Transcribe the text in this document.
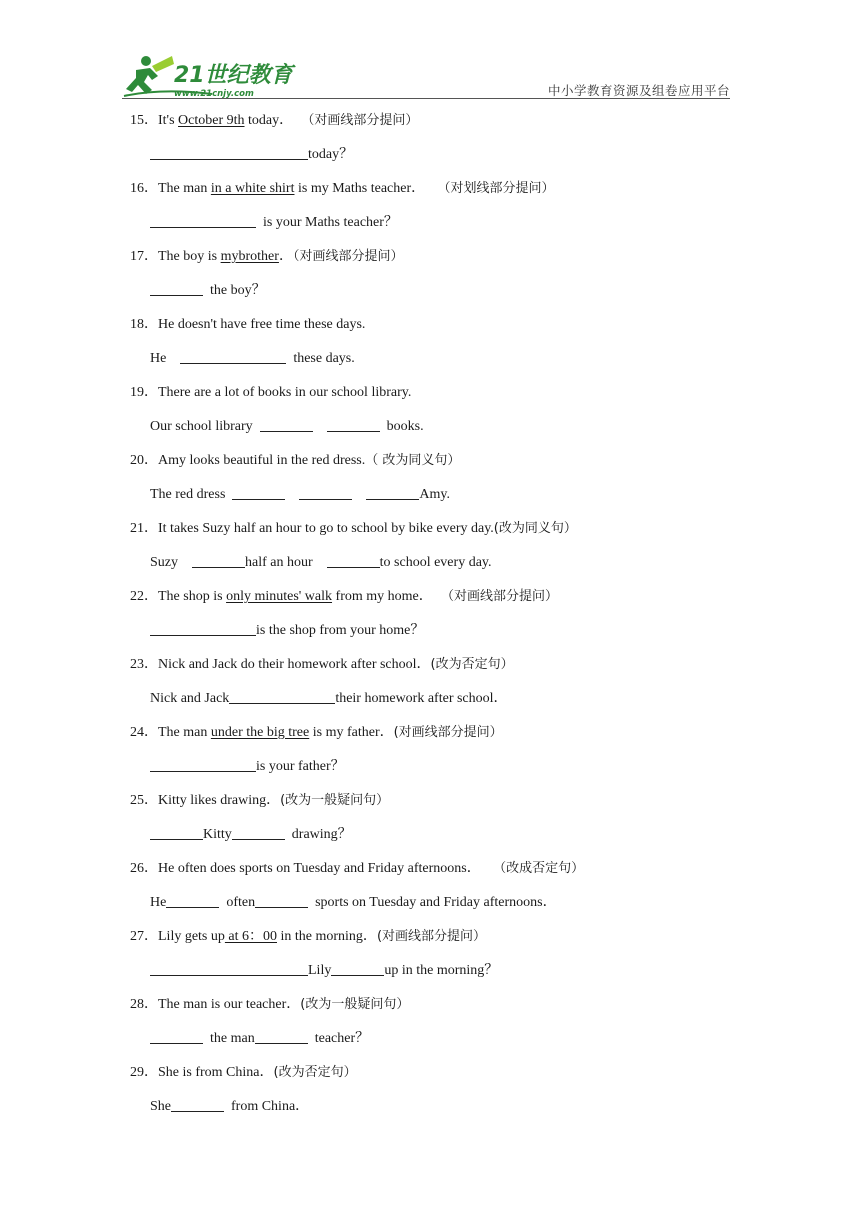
21世纪教育
www.21cnjy.com	中小学教育资源及组卷应用平台
15．It's October 9th today．  （对画线部分提问）
today？
16．The man in a white shirt is my Maths teacher．   （对划线部分提问）
is your Maths teacher？
17．The boy is mybrother．（对画线部分提问）
the boy？
18．He doesn't have free time these days.
He	these days.
19．There are a lot of books in our school library.
Our school library	books.
20．Amy looks beautiful in the red dress.（ 改为同义句）
The red dress	Amy.
21．It takes Suzy half an hour to go to school by bike every day.(改为同义句）
Suzy	half an hour	to school every day.
22．The shop is only minutes' walk from my home．  （对画线部分提问）
is the shop from your home？
23．Nick and Jack do their homework after school．(改为否定句）
Nick and Jack	their homework after school．
24．The man under the big tree is my father．(对画线部分提问）
is your father？
25．Kitty likes drawing．(改为一般疑问句）
Kitty	drawing？
26．He often does sports on Tuesday and Friday afternoons．   （改成否定句）
He	often	sports on Tuesday and Friday afternoons．
27．Lily gets up at 6：00 in the morning．(对画线部分提问）
Lily	up in the morning？
28．The man is our teacher．(改为一般疑问句）
the man	teacher？
29．She is from China．(改为否定句）
She	from China．
